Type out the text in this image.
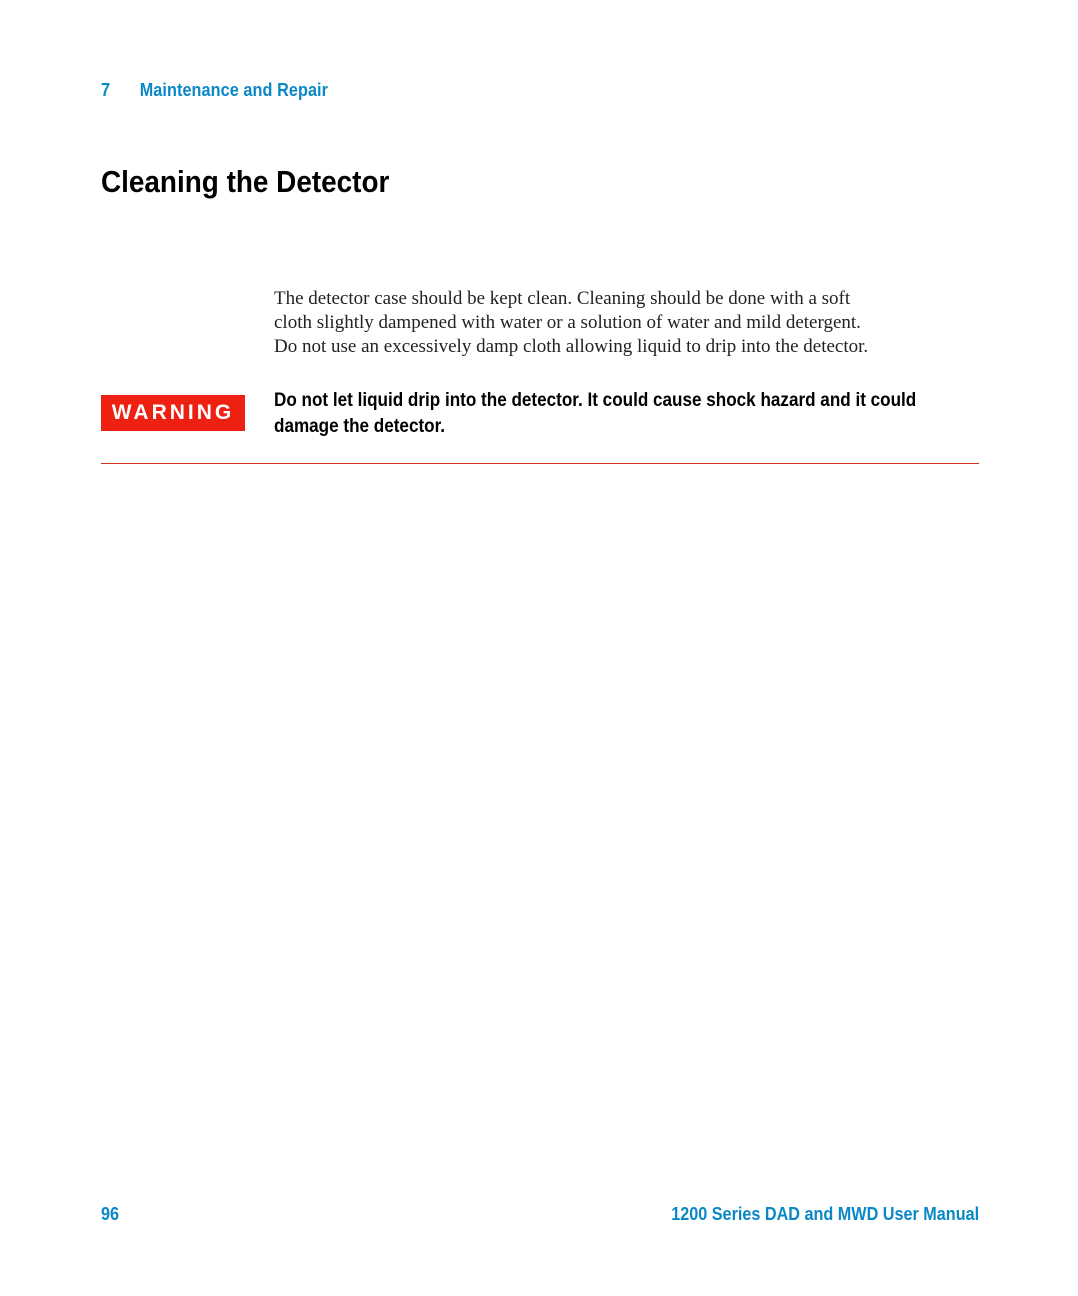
7 Maintenance and Repair
Cleaning the Detector

The detector case should be kept clean. Cleaning should be done with a soft
cloth slightly dampened with water or a solution of water and mild detergent.
Do not use an excessively damp cloth allowing liquid to drip into the detector.

WARNING

Do not let liquid drip into the detector. It could cause shock hazard and it could
damage the detector.

96	1200 Series DAD and MWD User Manual
